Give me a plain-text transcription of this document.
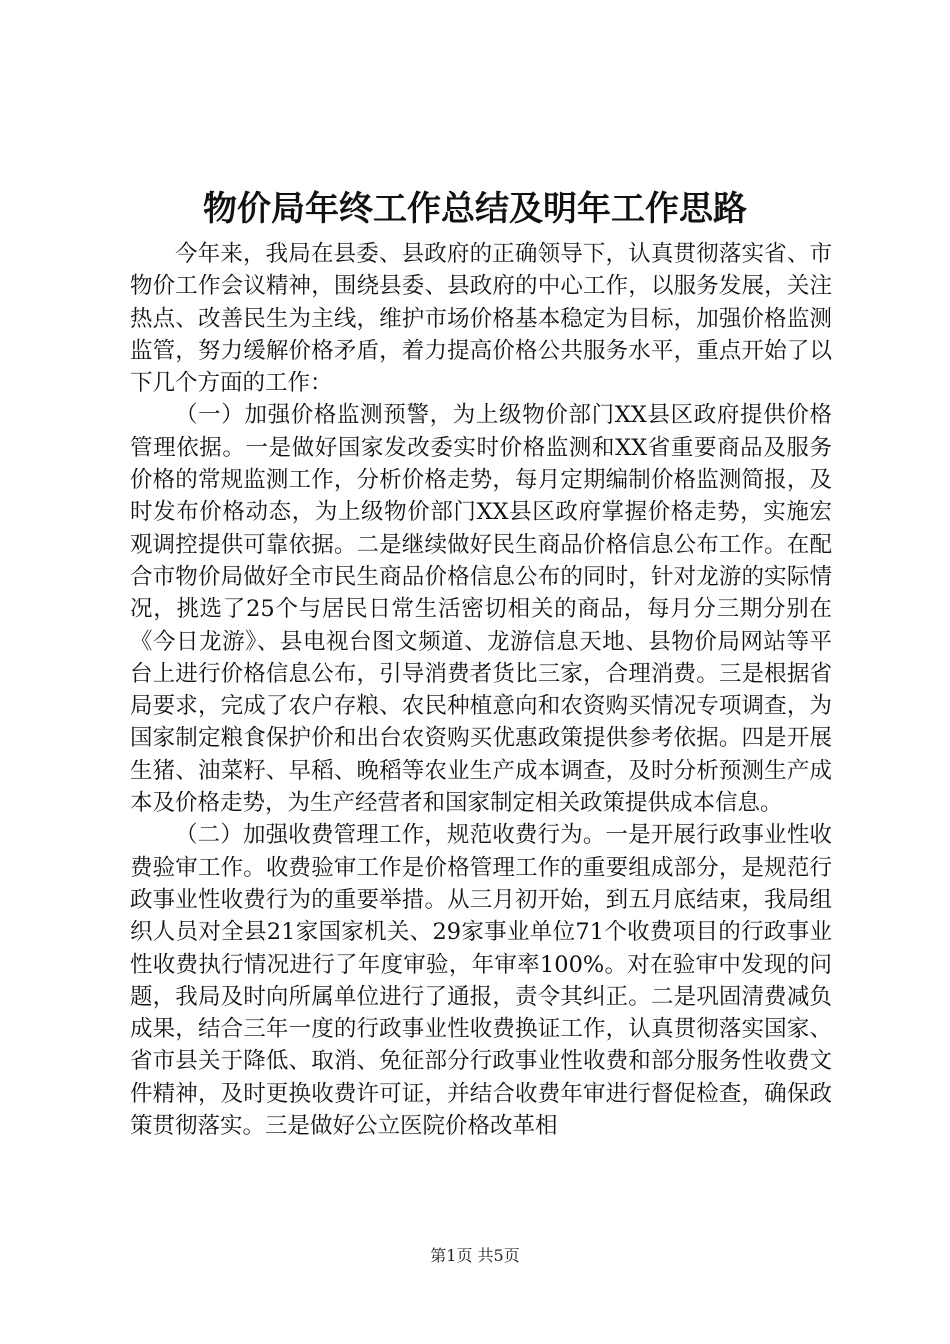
物价局年终工作总结及明年工作思路

今年来，我局在县委、县政府的正确领导下，认真贯彻落实省、市物价工作会议精神，围绕县委、县政府的中心工作，以服务发展，关注热点、改善民生为主线，维护市场价格基本稳定为目标，加强价格监测监管，努力缓解价格矛盾，着力提高价格公共服务水平，重点开始了以下几个方面的工作：

（一）加强价格监测预警，为上级物价部门XX县区政府提供价格管理依据。一是做好国家发改委实时价格监测和XX省重要商品及服务价格的常规监测工作，分析价格走势，每月定期编制价格监测简报，及时发布价格动态，为上级物价部门XX县区政府掌握价格走势，实施宏观调控提供可靠依据。二是继续做好民生商品价格信息公布工作。在配合市物价局做好全市民生商品价格信息公布的同时，针对龙游的实际情况，挑选了25个与居民日常生活密切相关的商品，每月分三期分别在《今日龙游》、县电视台图文频道、龙游信息天地、县物价局网站等平台上进行价格信息公布，引导消费者货比三家，合理消费。三是根据省局要求，完成了农户存粮、农民种植意向和农资购买情况专项调查，为国家制定粮食保护价和出台农资购买优惠政策提供参考依据。四是开展生猪、油菜籽、早稻、晚稻等农业生产成本调查，及时分析预测生产成本及价格走势，为生产经营者和国家制定相关政策提供成本信息。

（二）加强收费管理工作，规范收费行为。一是开展行政事业性收费验审工作。收费验审工作是价格管理工作的重要组成部分，是规范行政事业性收费行为的重要举措。从三月初开始，到五月底结束，我局组织人员对全县21家国家机关、29家事业单位71个收费项目的行政事业性收费执行情况进行了年度审验，年审率100%。对在验审中发现的问题，我局及时向所属单位进行了通报，责令其纠正。二是巩固清费减负成果，结合三年一度的行政事业性收费换证工作，认真贯彻落实国家、省市县关于降低、取消、免征部分行政事业性收费和部分服务性收费文件精神，及时更换收费许可证，并结合收费年审进行督促检查，确保政策贯彻落实。三是做好公立医院价格改革相

第1页 共5页
